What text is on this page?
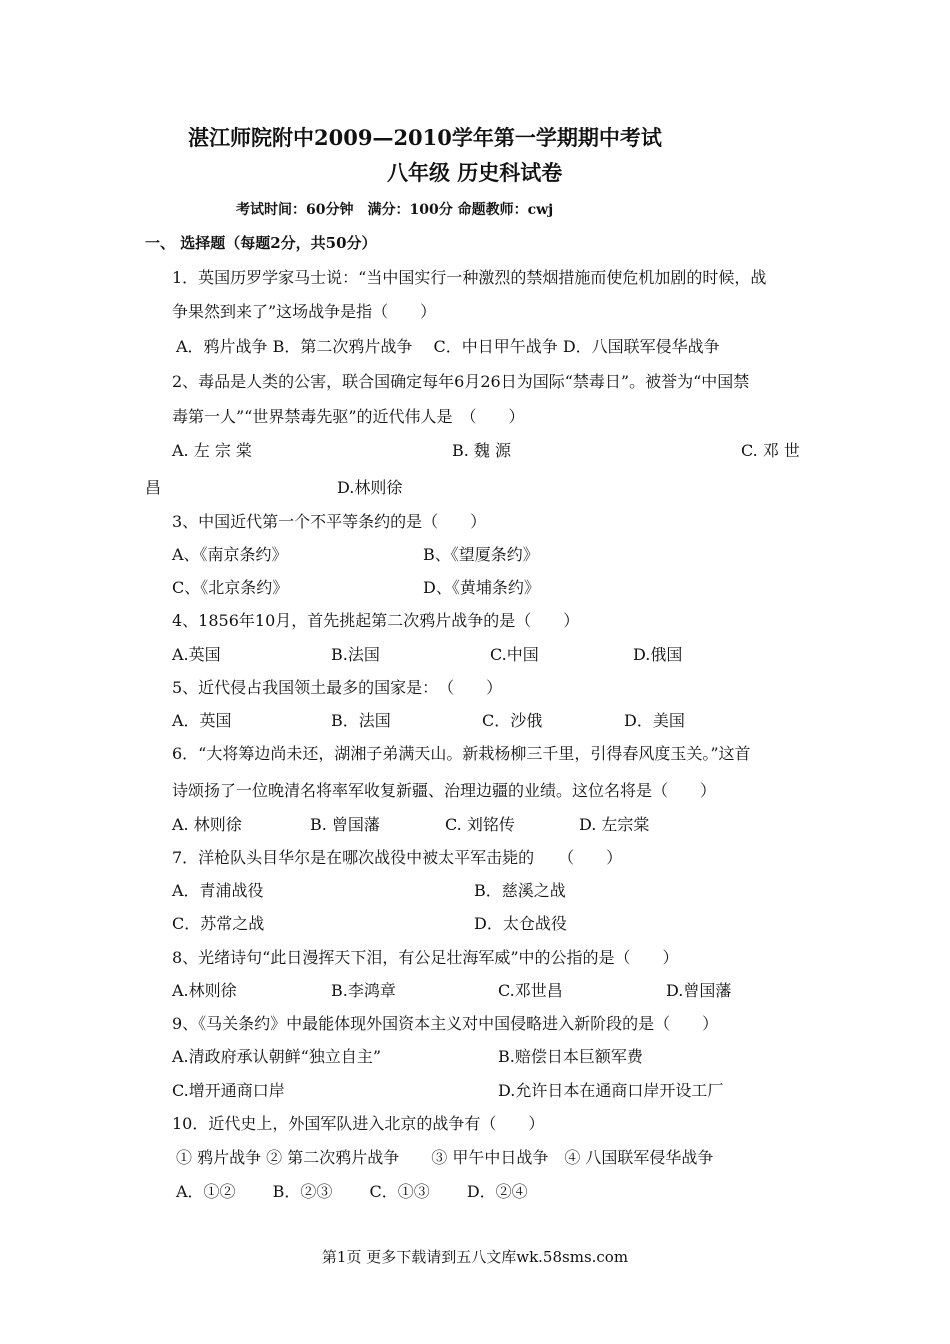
湛江师院附中2009—2010学年第一学期期中考试
八年级 历史科试卷
考试时间：60分钟　满分：100分 命题教师：cwj
一、 选择题（每题2分，共50分）
1．英国历罗学家马士说：“当中国实行一种激烈的禁烟措施而使危机加剧的时候，战
争果然到来了”这场战争是指（　　）
A．鸦片战争 B．第二次鸦片战争　 C．中日甲午战争 D．八国联军侵华战争
2、毒品是人类的公害，联合国确定每年6月26日为国际“禁毒日”。被誉为“中国禁
毒第一人”“世界禁毒先驱”的近代伟人是　（　　）
A. 左 宗 棠	B. 魏 源	C. 邓 世
昌	D.林则徐
3、中国近代第一个不平等条约的是（　　）
A、《南京条约》	B、《望厦条约》
C、《北京条约》	D、《黄埔条约》
4、1856年10月，首先挑起第二次鸦片战争的是（　　）
A.英国	B.法国	C.中国	D.俄国
5、近代侵占我国领土最多的国家是：　（　　）
A．英国	B．法国	C．沙俄	D．美国
6．“大将筹边尚未还，湖湘子弟满天山。新栽杨柳三千里，引得春风度玉关。”这首
诗颂扬了一位晚清名将率军收复新疆、治理边疆的业绩。这位名将是（　　）
A. 林则徐	B. 曾国藩	C. 刘铭传	D. 左宗棠
7．洋枪队头目华尔是在哪次战役中被太平军击毙的　　（　　）
A．青浦战役	B．慈溪之战
C．苏常之战	D．太仓战役
8、光绪诗句“此日漫挥天下泪，有公足壮海军威”中的公指的是（　　）
A.林则徐	B.李鸿章	C.邓世昌	D.曾国藩
9、《马关条约》中最能体现外国资本主义对中国侵略进入新阶段的是（　　）
A.清政府承认朝鲜“独立自主”	B.赔偿日本巨额军费
C.增开通商口岸	D.允许日本在通商口岸开设工厂
10．近代史上，外国军队进入北京的战争有（　　）
① 鸦片战争 ② 第二次鸦片战争　　③ 甲午中日战争　④ 八国联军侵华战争
A．①②　　 B．②③　　 C．①③　　 D．②④
第1页 更多下载请到五八文库wk.58sms.com
